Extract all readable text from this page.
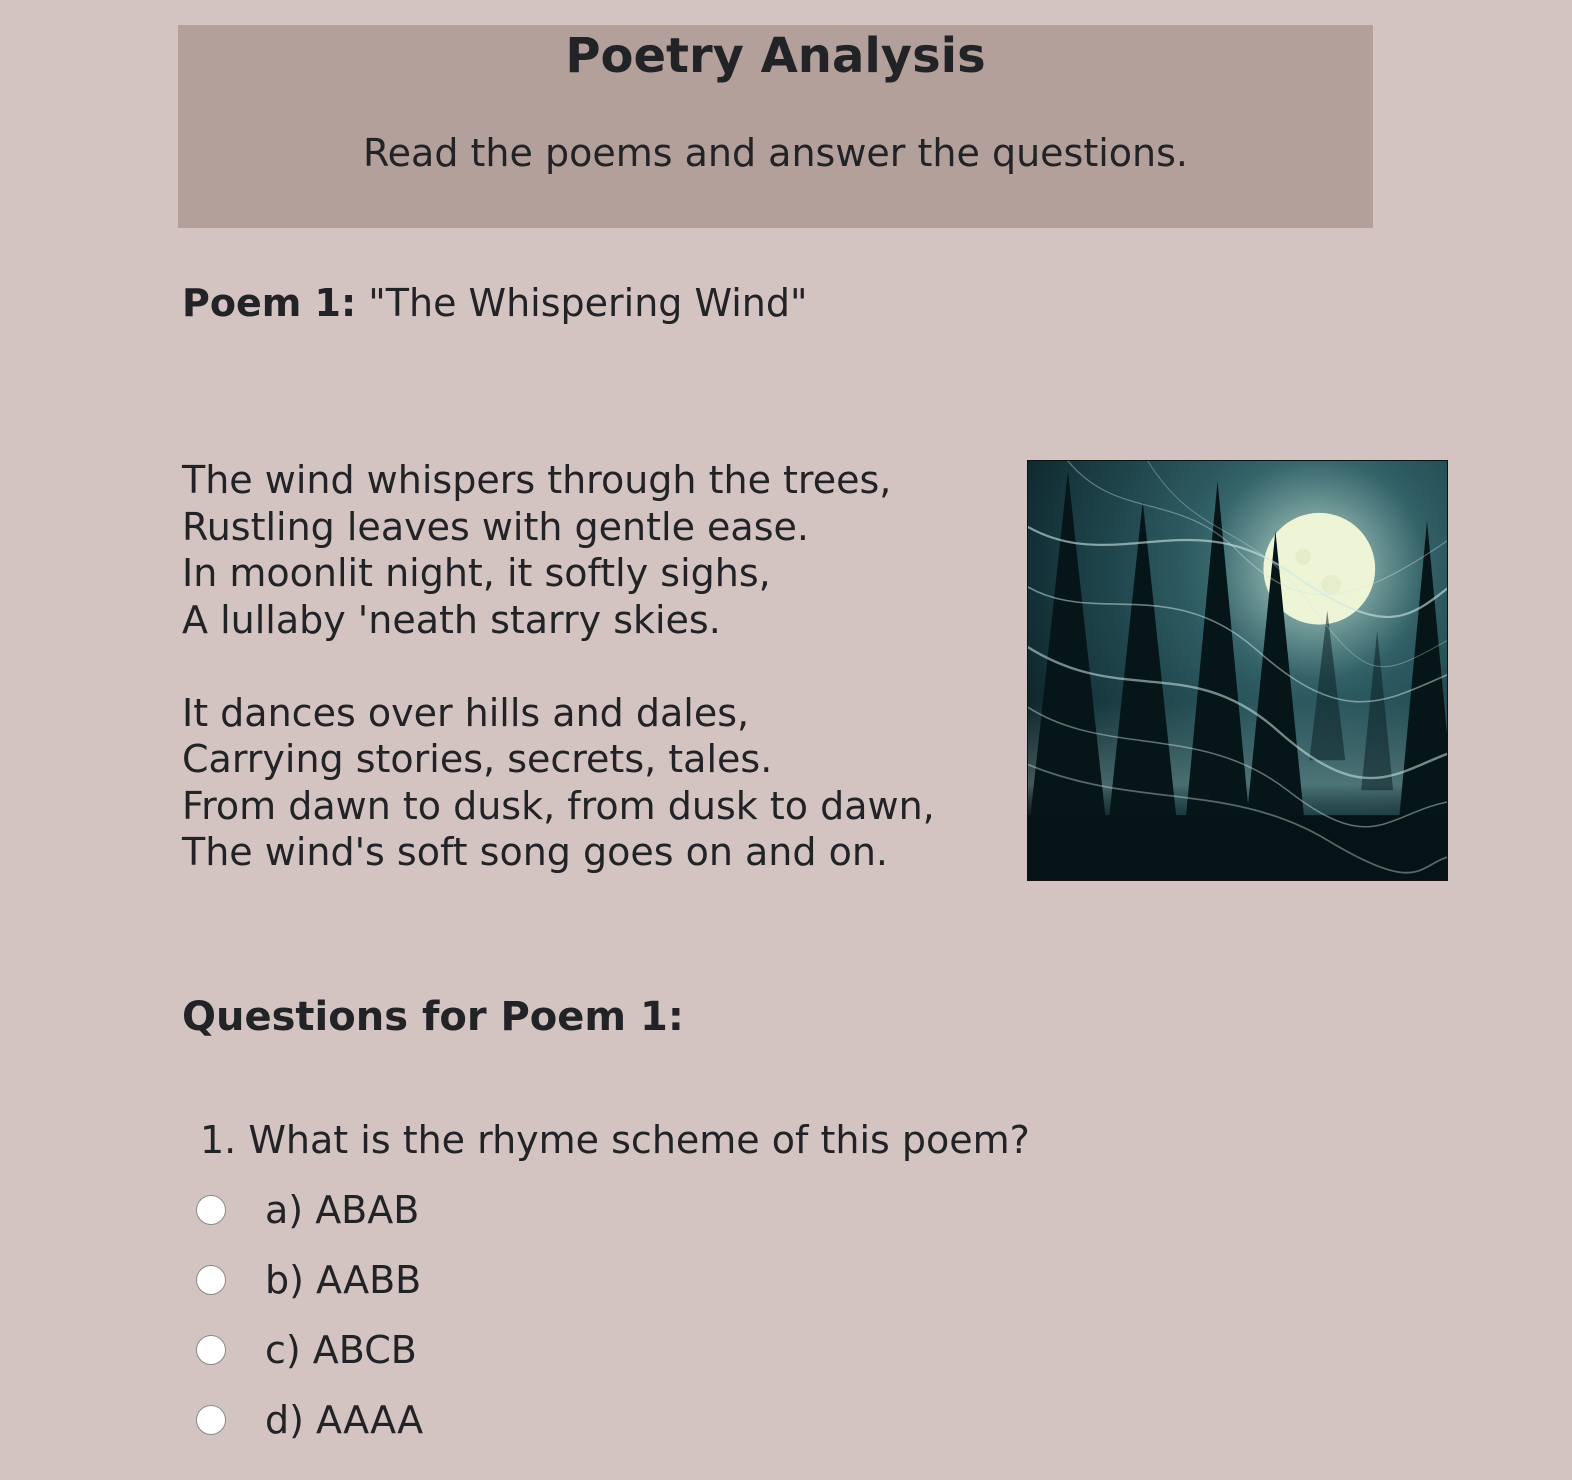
Poetry Analysis

Read the poems and answer the questions.

Poem 1: "The Whispering Wind"
The wind whispers through the trees,
Rustling leaves with gentle ease.
In moonlit night, it softly sighs,
A lullaby 'neath starry skies.
It dances over hills and dales,
Carrying stories, secrets, tales.
From dawn to dusk, from dusk to dawn,
The wind's soft song goes on and on.
Questions for Poem 1:
1. What is the rhyme scheme of this poem?
a) ABAB
b) AABB
c) ABCB
d) AAAA
